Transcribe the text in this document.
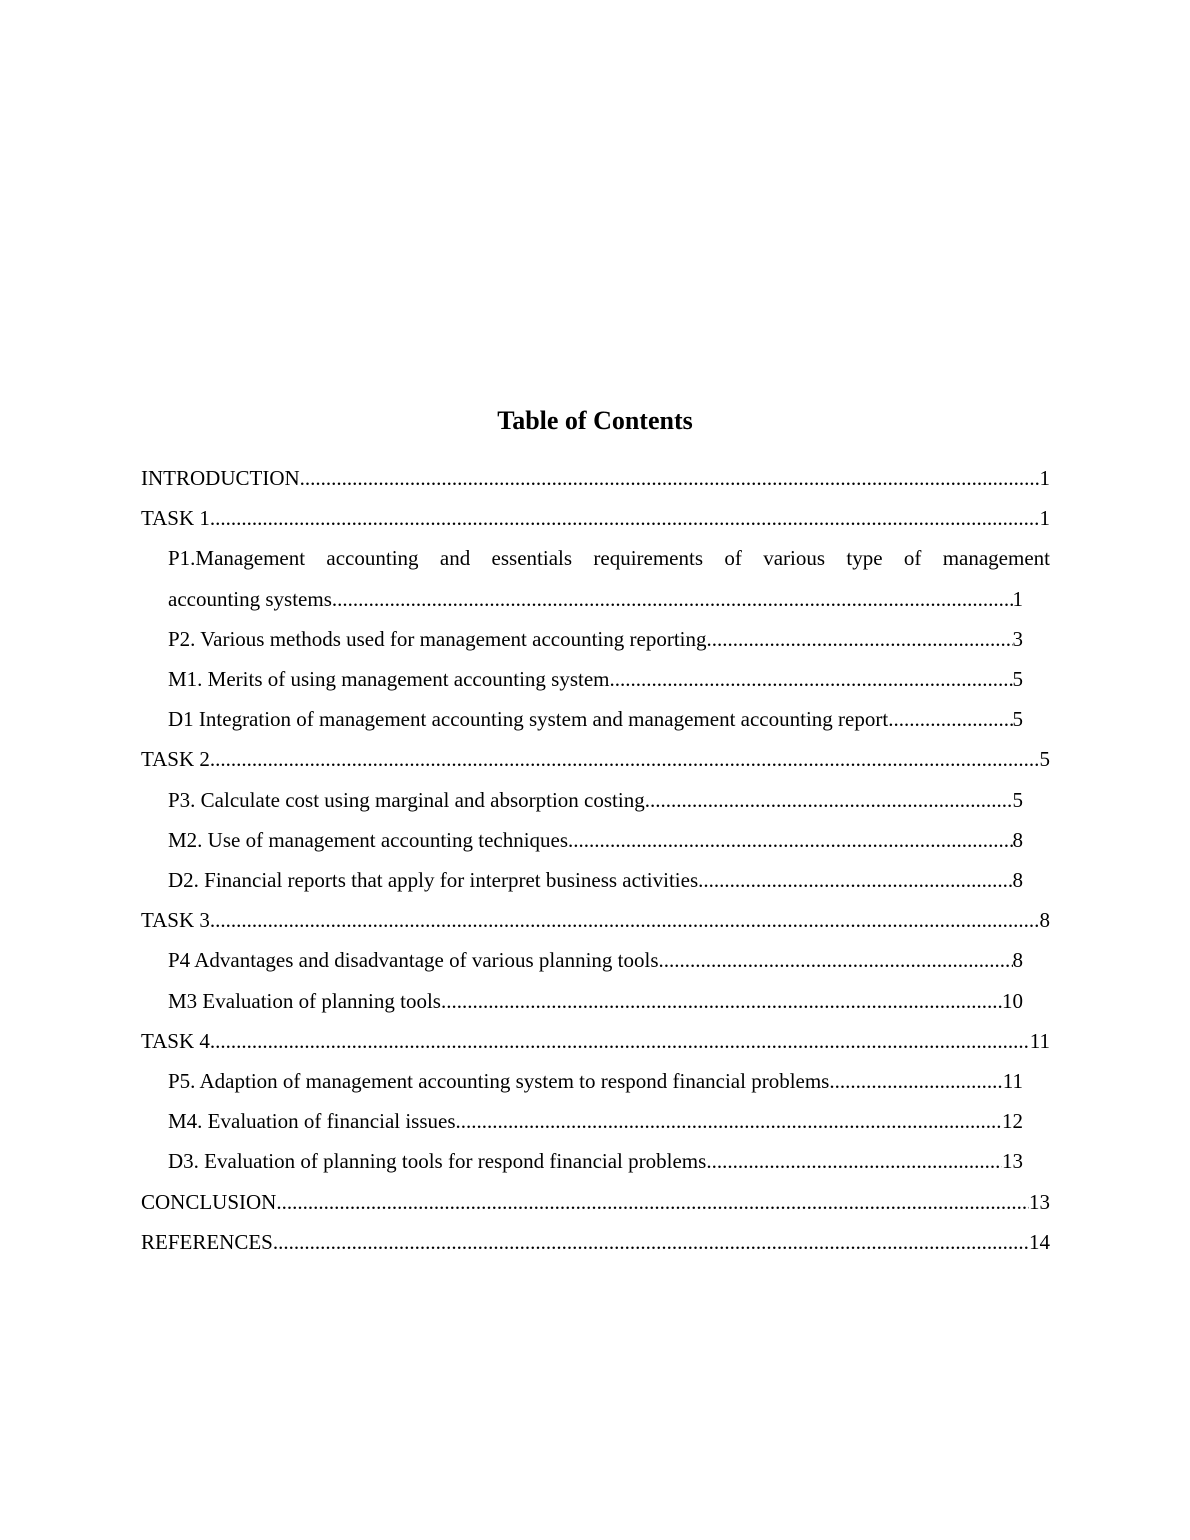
Table of Contents
INTRODUCTION .....	1
TASK 1 .....	1
P1.Management accounting and essentials requirements of various type of management
accounting systems .....	1
P2. Various methods used for management accounting reporting .....	3
M1. Merits of using management accounting system .....	5
D1 Integration of management accounting system and management accounting report .....	5
TASK 2 .....	5
P3. Calculate cost using marginal and absorption costing .....	5
M2. Use of management accounting techniques .....	8
D2. Financial reports that apply for interpret business activities .....	8
TASK 3 .....	8
P4 Advantages and disadvantage of various planning tools .....	8
M3 Evaluation of planning tools .....	10
TASK 4 .....	11
P5. Adaption of management accounting system to respond financial problems .....	11
M4. Evaluation of financial issues .....	12
D3. Evaluation of planning tools for respond financial problems .....	13
CONCLUSION .....	13
REFERENCES .....	14
